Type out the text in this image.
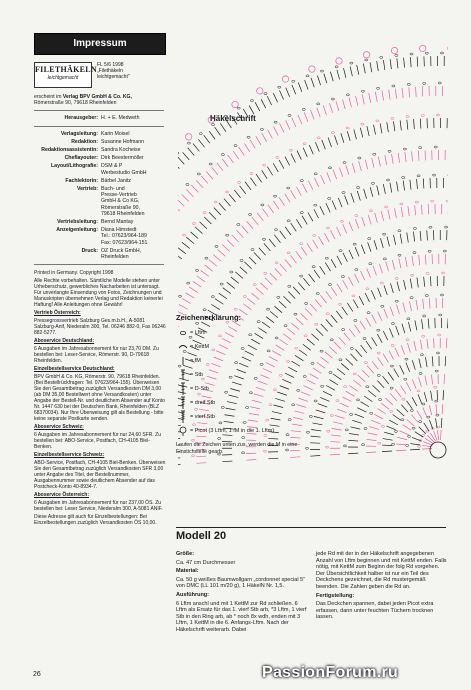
Impressum
FILETHÄKELN
leichtgemacht
FL 5/6 1998
„Filethäkeln
leichtgemacht"
erscheint im Verlag BPV GmbH & Co. KG,
Römerstraße 90, 79618 Rheinfelden
Herausgeber: H. + E. Medweth
Verlagsleitung: Karin Moisel
Redaktion: Susanne Hofmann
Redaktionsassistentin: Sandra Kocheise
Cheflayouter: Dirk Beestermöller
Layout/Lithografie: DSM & P
Werbestudio GmbH
Fachlektorin: Bärbel Janitz
Vertrieb: Buch- und
Presse-Vertrieb
GmbH & Co KG,
Römerstraße 90,
79618 Rheinfelden
Vertriebsleitung: Bernd Mantay
Anzeigenleitung: Diana Himstedt
Tel.: 07623/964-189
Fax: 07623/964-151
Druck: OZ Druck GmbH,
Rheinfelden

Printed in Germany. Copyright 1998

Alle Rechte vorbehalten. Sämtliche Modelle stehen unter Urheberschutz, gewerbliches Nacharbeiten ist untersagt. Für unverlangte Einsendung von Fotos, Zeichnungen und Manuskripten übernehmen Verlag und Redaktion keinerlei Haftung! Alle Anleitungen ohne Gewähr!

Vertrieb Österreich:

Pressegrossvertrieb Salzburg Ges.m.b.H., A-5081 Salzburg-Anif, Niederalm 300, Tel. 06246 882-0, Fax 06246 882-5277.

Aboservice Deutschland:

6 Ausgaben im Jahresabonnement für nur 23,70 DM. Zu bestellen bei: Leser-Service, Römerstr. 90, D-79618 Rheinfelden.

Einzelbestellservice Deutschland:

BPV GmbH & Co. KG, Römerstr. 90, 79618 Rheinfelden. (Bei Bestellrückfragen: Tel. 07623/964-155). Überweisen Sie den Gesamtbetrag zuzüglich Versandkosten DM 3,00 (ab DM 35,00 Bestellwert ohne Versandkosten) unter Angabe der Bestell-Nr. und deutlichem Absender auf Konto Nr. 1447 630 bei der Deutschen Bank, Rheinfelden (BLZ 68370034). Nur Ihre Überweisung gilt als Bestellung - bitte keine separate Postkarte senden.

Aboservice Schweiz:

6 Ausgaben im Jahresabonnement für nur 24,60 SFR. Zu bestellen bei: ABO-Service, Postfach, CH-4105 Biel-Benken.

Einzelbestellservice Schweiz:

ABO-Service, Postfach, CH-4105 Biel-Benken. Überweisen Sie den Gesamtbetrag zuzüglich Versandkosten SFR 3,00 unter Angabe des Titel, der Bestellnummer, Ausgabennummer sowie deutlichem Absender auf das Postcheck-Konto 40-8934-7.

Aboservice Österreich:

6 Ausgaben im Jahresabonnement für nur 237,00 ÖS. Zu bestellen bei: Leser Service, Niederalm 300, A-5081 ANIF.

Diese Adresse gilt auch für Einzelbestellungen: Bei Einzelbestellungen zuzüglich Versandkosten ÖS 10,00.

26
Häkelschrift
Zeichenerklärung:
= Lftm
= KettM
= fM
= Stb
= D-Stb
= dreif Stb
= vierf Stb
= Picot (3 Lftm, 1 fM in die 1. Lftm)
Laufen die Zeichen unten zus. werden die M in eine Einstichstelle gearb.
Modell 20
Größe:

Ca. 47 cm Durchmesser

Material:

Ca. 50 g weißes Baumwollgarn „cordonnet special 5" von DMC (LL 101 m/20 g), 1 HäkelN Nr. 1,5.

Ausführung:

6 Lftm anschl und mit 1 KettM zur Rd schließen. 6 Lftm als Ersatz für das 1. vierf Stb arb, *3 Lftm, 1 vierf Stb in den Ring arb, ab * noch 8x wdh, enden mit 3 Lftm, 1 KettM in die 6. Anfangs-Lftm. Nach der Häkelschrift weiterarb. Dabei

jede Rd mit der in der Häkelschrift angegebenen Anzahl von Lftm beginnen und mit KettM enden. Falls nötig, mit KettM zum Beginn der folg Rd vorgehen. Der Übersichtlichkeit halber ist nur ein Teil des Deckchens gezeichnet, die Rd mustergemäß beenden. Die Zahlen geben die Rd an.

Fertigstellung:

Das Deckchen spannen, dabei jeden Picot extra erfassen, dann unter feuchten Tüchern trocknen lassen.

PassionForum.ru
